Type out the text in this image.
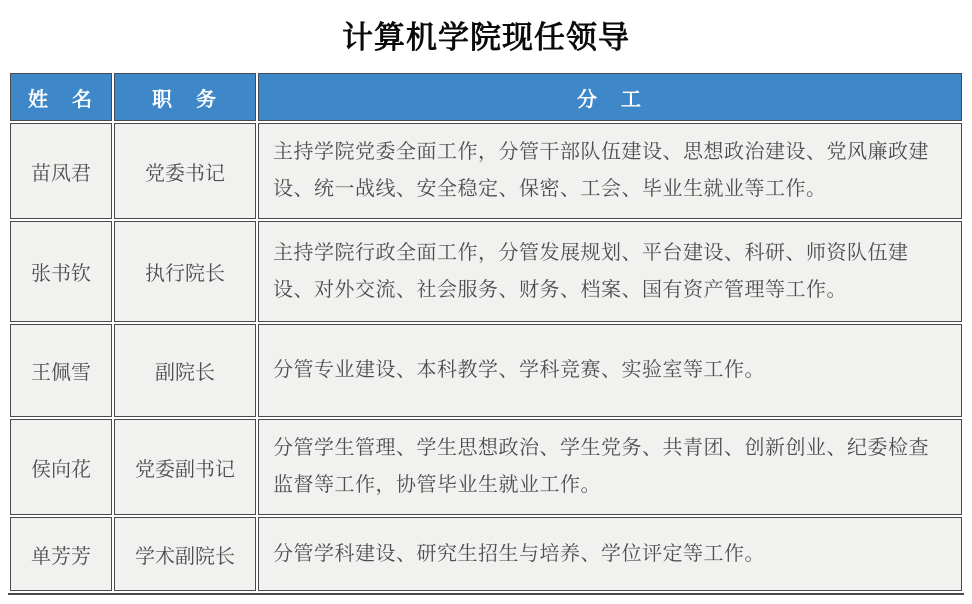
计算机学院现任领导
姓　名	职　务	分　工
苗凤君	党委书记	主持学院党委全面工作，分管干部队伍建设、思想政治建设、党风廉政建设、统一战线、安全稳定、保密、工会、毕业生就业等工作。
张书钦	执行院长	主持学院行政全面工作，分管发展规划、平台建设、科研、师资队伍建设、对外交流、社会服务、财务、档案、国有资产管理等工作。
王佩雪	副院长	分管专业建设、本科教学、学科竞赛、实验室等工作。
侯向花	党委副书记	分管学生管理、学生思想政治、学生党务、共青团、创新创业、纪委检查监督等工作，协管毕业生就业工作。
单芳芳	学术副院长	分管学科建设、研究生招生与培养、学位评定等工作。
